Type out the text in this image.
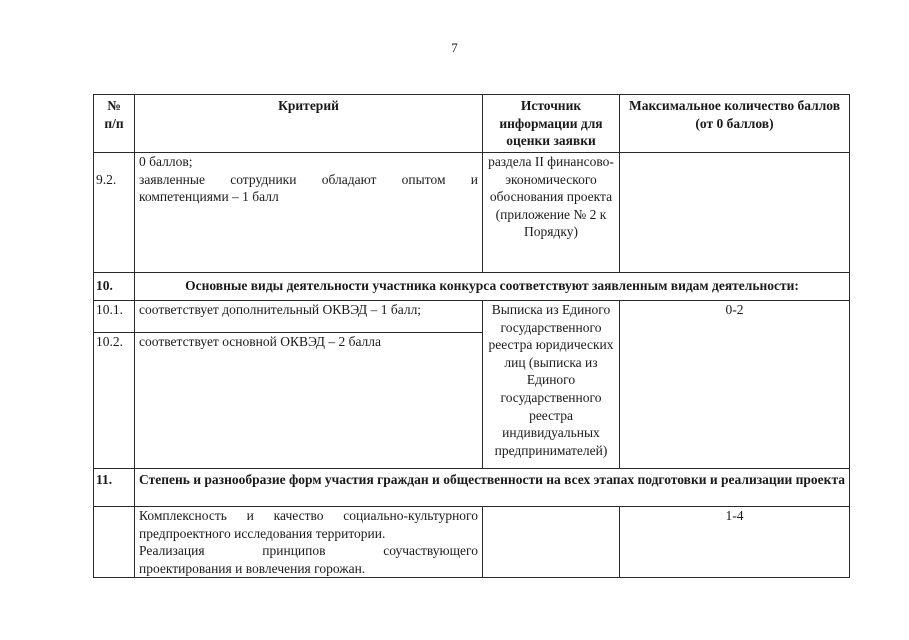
7
№
п/п	Критерий	Источник информации для оценки заявки	Максимальное количество баллов (от 0 баллов)
9.2.	0 баллов;
заявленные сотрудники обладают опытом и
компетенциями – 1 балл	раздела II финансово-экономического обоснования проекта (приложение № 2 к Порядку)	
10.	Основные виды деятельности участника конкурса соответствуют заявленным видам деятельности:		
10.1.	соответствует дополнительный ОКВЭД – 1 балл;	Выписка из Единого государственного реестра юридических лиц (выписка из Единого государственного реестра индивидуальных предпринимателей)	0-2
10.2.	соответствует основной ОКВЭД – 2 балла		
11.	Степень и разнообразие форм участия граждан и общественности на всех этапах подготовки и реализации проекта		

	Комплексность и качество социально-культурного предпроектного исследования территории.
Реализация принципов соучаствующего
проектирования и вовлечения горожан.		1-4
